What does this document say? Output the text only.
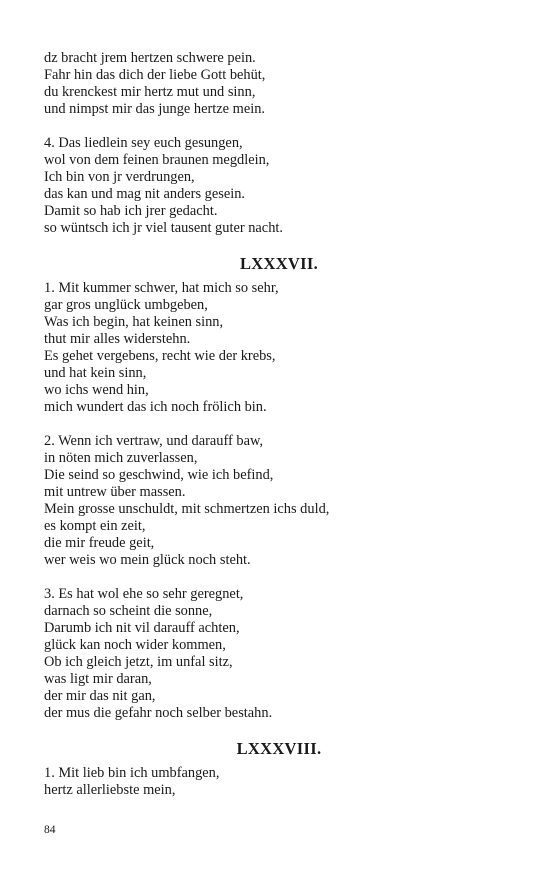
dz bracht jrem hertzen schwere pein.
Fahr hin das dich der liebe Gott behüt,
du krenckest mir hertz mut und sinn,
und nimpst mir das junge hertze mein.
4. Das liedlein sey euch gesungen,
wol von dem feinen braunen megdlein,
Ich bin von jr verdrungen,
das kan und mag nit anders gesein.
Damit so hab ich jrer gedacht.
so wüntsch ich jr viel tausent guter nacht.
LXXXVII.
1. Mit kummer schwer, hat mich so sehr,
gar gros unglück umbgeben,
Was ich begin, hat keinen sinn,
thut mir alles widerstehn.
Es gehet vergebens, recht wie der krebs,
und hat kein sinn,
wo ichs wend hin,
mich wundert das ich noch frölich bin.
2. Wenn ich vertraw, und darauff baw,
in nöten mich zuverlassen,
Die seind so geschwind, wie ich befind,
mit untrew über massen.
Mein grosse unschuldt, mit schmertzen ichs duld,
es kompt ein zeit,
die mir freude geit,
wer weis wo mein glück noch steht.
3. Es hat wol ehe so sehr geregnet,
darnach so scheint die sonne,
Darumb ich nit vil darauff achten,
glück kan noch wider kommen,
Ob ich gleich jetzt, im unfal sitz,
was ligt mir daran,
der mir das nit gan,
der mus die gefahr noch selber bestahn.
LXXXVIII.
1. Mit lieb bin ich umbfangen,
hertz allerliebste mein,
84
